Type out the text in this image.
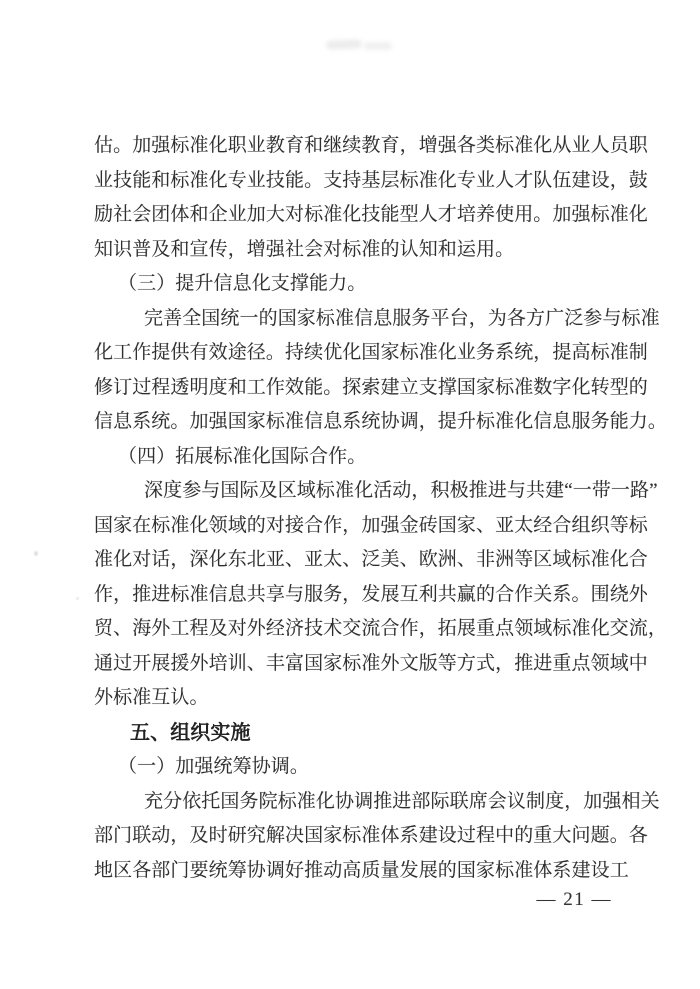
估。加强标准化职业教育和继续教育，增强各类标准化从业人员职
业技能和标准化专业技能。支持基层标准化专业人才队伍建设，鼓
励社会团体和企业加大对标准化技能型人才培养使用。加强标准化
知识普及和宣传，增强社会对标准的认知和运用。
（三）提升信息化支撑能力。
完善全国统一的国家标准信息服务平台，为各方广泛参与标准
化工作提供有效途径。持续优化国家标准化业务系统，提高标准制
修订过程透明度和工作效能。探索建立支撑国家标准数字化转型的
信息系统。加强国家标准信息系统协调，提升标准化信息服务能力。
（四）拓展标准化国际合作。
深度参与国际及区域标准化活动，积极推进与共建“一带一路”
国家在标准化领域的对接合作，加强金砖国家、亚太经合组织等标
准化对话，深化东北亚、亚太、泛美、欧洲、非洲等区域标准化合
作，推进标准信息共享与服务，发展互利共赢的合作关系。围绕外
贸、海外工程及对外经济技术交流合作，拓展重点领域标准化交流，
通过开展援外培训、丰富国家标准外文版等方式，推进重点领域中
外标准互认。
五、组织实施
（一）加强统筹协调。
充分依托国务院标准化协调推进部际联席会议制度，加强相关
部门联动，及时研究解决国家标准体系建设过程中的重大问题。各
地区各部门要统筹协调好推动高质量发展的国家标准体系建设工
— 21 —
